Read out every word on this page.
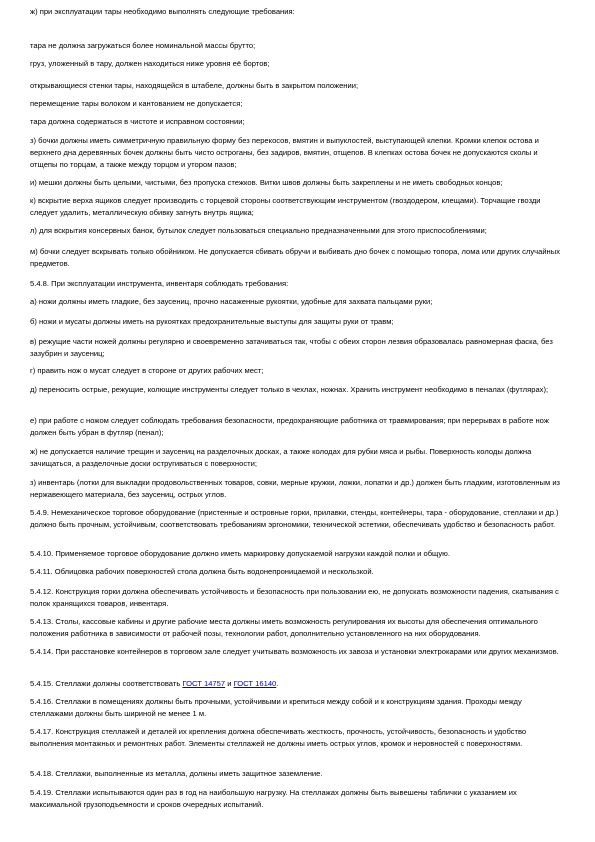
ж) при эксплуатации тары необходимо выполнять следующие требования:

тара не должна загружаться более номинальной массы брутто;

груз, уложенный в тару, должен находиться ниже уровня её бортов;

открывающиеся стенки тары, находящейся в штабеле, должны быть в закрытом положении;

перемещение тары волоком и кантованием не допускается;

тара должна содержаться в чистоте и исправном состоянии;

з) бочки должны иметь симметричную правильную форму без перекосов, вмятин и выпуклостей, выступающей клепки. Кромки клепок остова и верхнего дна деревянных бочек должны быть чисто остроганы, без задиров, вмятин, отщепов. В клепках остова бочек не допускаются сколы и отщепы по торцам, а также между торцом и утором пазов;

и) мешки должны быть целыми, чистыми, без пропуска стежков. Витки швов должны быть закреплены и не иметь свободных концов;

к) вскрытие верха ящиков следует производить с торцевой стороны соответствующим инструментом (гвоздодером, клещами). Торчащие гвозди следует удалить, металлическую обивку загнуть внутрь ящика;

л) для вскрытия консервных банок, бутылок следует пользоваться специально предназначенными для этого приспособлениями;

м) бочки следует вскрывать только обойником. Не допускается сбивать обручи и выбивать дно бочек с помощью топора, лома или других случайных предметов.

5.4.8. При эксплуатации инструмента, инвентаря соблюдать требования:

а) ножи должны иметь гладкие, без заусениц, прочно насаженные рукоятки, удобные для захвата пальцами руки;

б) ножи и мусаты должны иметь на рукоятках предохранительные выступы для защиты руки от травм;

в) режущие части ножей должны регулярно и своевременно затачиваться так, чтобы с обеих сторон лезвия образовалась равномерная фаска, без зазубрин и заусениц;

г) править нож о мусат следует в стороне от других рабочих мест;

д) переносить острые, режущие, колющие инструменты следует только в чехлах, ножнах. Хранить инструмент необходимо в пеналах (футлярах);

е) при работе с ножом следует соблюдать требования безопасности, предохраняющие работника от травмирования; при перерывах в работе нож должен быть убран в футляр (пенал);

ж) не допускается наличие трещин и заусениц на разделочных досках, а также колодах для рубки мяса и рыбы. Поверхность колоды должна зачищаться, а разделочные доски остругиваться с поверхности;

з) инвентарь (лотки для выкладки продовольственных товаров, совки, мерные кружки, ложки, лопатки и др.) должен быть гладким, изготовленным из нержавеющего материала, без заусениц, острых углов.

5.4.9. Немеханическое торговое оборудование (пристенные и островные горки, прилавки, стенды, контейнеры, тара - оборудование, стеллажи и др.) должно быть прочным, устойчивым, соответствовать требованиям эргономики, технической эстетики, обеспечивать удобство и безопасность работ.

5.4.10. Применяемое торговое оборудование должно иметь маркировку допускаемой нагрузки каждой полки и общую.

5.4.11. Облицовка рабочих поверхностей стола должна быть водонепроницаемой и нескользкой.

5.4.12. Конструкция горки должна обеспечивать устойчивость и безопасность при пользовании ею, не допускать возможности падения, скатывания с полок хранящихся товаров, инвентаря.

5.4.13. Столы, кассовые кабины и другие рабочие места должны иметь возможность регулирования их высоты для обеспечения оптимального положения работника в зависимости от рабочей позы, технологии работ, дополнительно установленного на них оборудования.

5.4.14. При расстановке контейнеров в торговом зале следует учитывать возможность их завоза и установки электрокарами или других механизмов.

5.4.15. Стеллажи должны соответствовать ГОСТ 14757 и ГОСТ 16140.

5.4.16. Стеллажи в помещениях должны быть прочными, устойчивыми и крепиться между собой и к конструкциям здания. Проходы между стеллажами должны быть шириной не менее 1 м.

5.4.17. Конструкция стеллажей и деталей их крепления должна обеспечивать жесткость, прочность, устойчивость, безопасность и удобство выполнения монтажных и ремонтных работ. Элементы стеллажей не должны иметь острых углов, кромок и неровностей с поверхностями.

5.4.18. Стеллажи, выполненные из металла, должны иметь защитное заземление.

5.4.19. Стеллажи испытываются один раз в год на наибольшую нагрузку. На стеллажах должны быть вывешены таблички с указанием их максимальной грузоподъемности и сроков очередных испытаний.
